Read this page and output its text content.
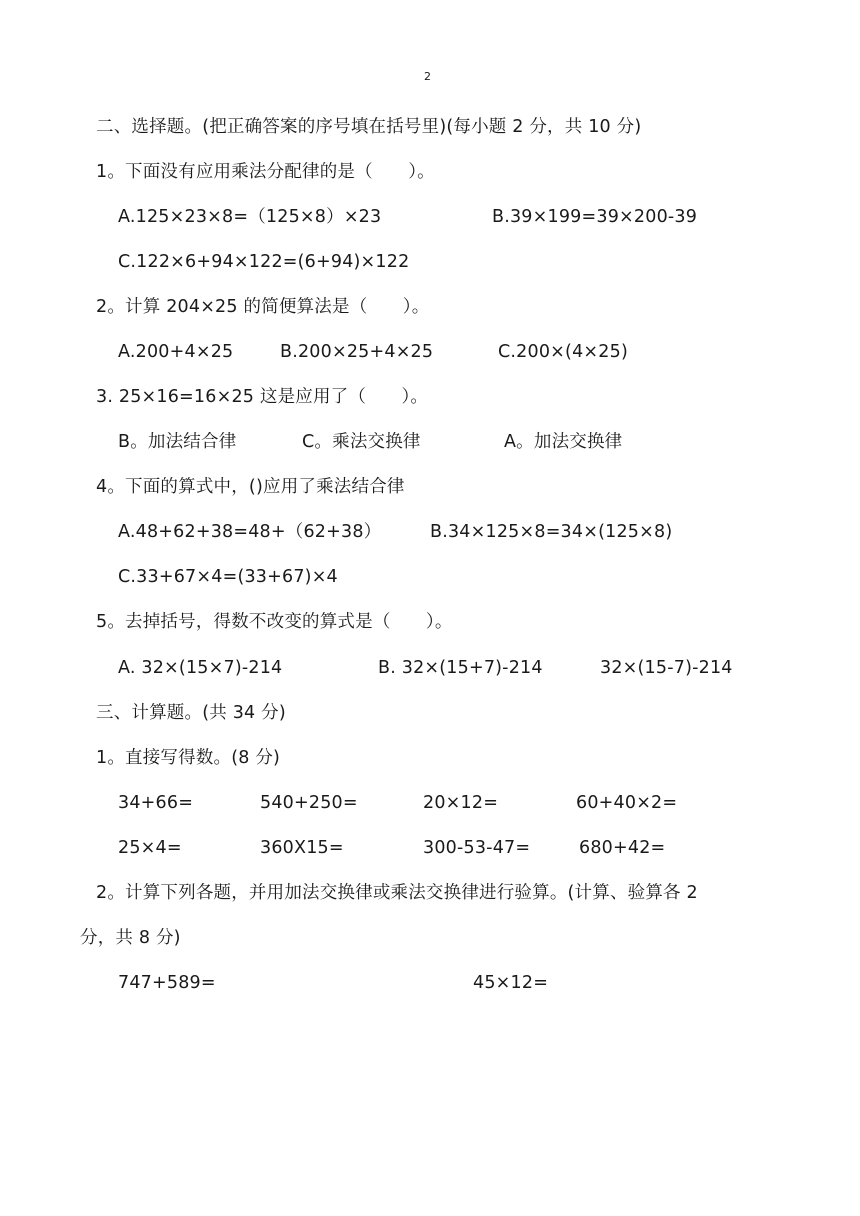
2
二、选择题。(把正确答案的序号填在括号里)(每小题 2 分，共 10 分)
1。下面没有应用乘法分配律的是（　　）。
A.125×23×8=（125×8）×23	B.39×199=39×200-39
C.122×6+94×122=(6+94)×122
2。计算 204×25 的简便算法是（　　）。
A.200+4×25	B.200×25+4×25	C.200×(4×25)
3. 25×16=16×25 这是应用了（　　）。
B。加法结合律	C。乘法交换律	A。加法交换律
4。下面的算式中，()应用了乘法结合律
A.48+62+38=48+（62+38）	B.34×125×8=34×(125×8)
C.33+67×4=(33+67)×4
5。去掉括号，得数不改变的算式是（　　）。
A. 32×(15×7)-214	B. 32×(15+7)-214	32×(15-7)-214
三、计算题。(共 34 分)
1。直接写得数。(8 分)
34+66=	540+250=	20×12=	60+40×2=
25×4=	360X15=	300-53-47=	680+42=
2。计算下列各题，并用加法交换律或乘法交换律进行验算。(计算、验算各 2
分，共 8 分)
747+589=	45×12=
